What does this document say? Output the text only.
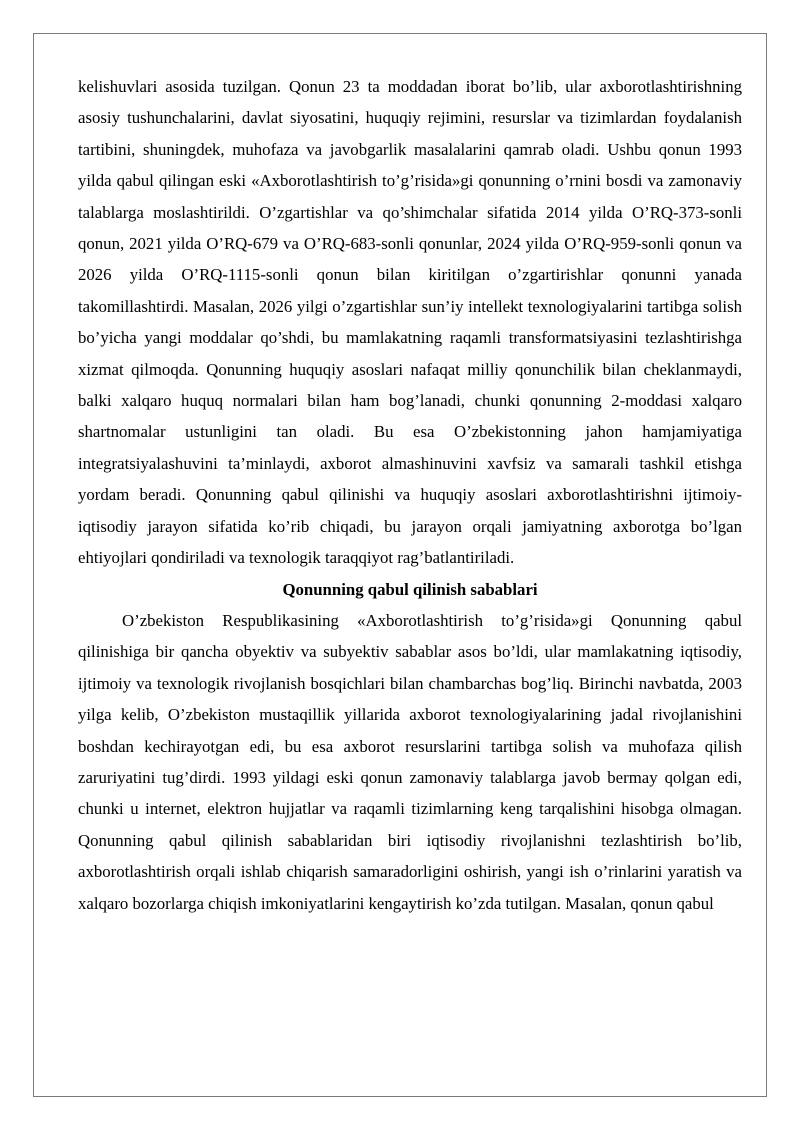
kelishuvlari asosida tuzilgan. Qonun 23 ta moddadan iborat bo’lib, ular axborotlashtirishning asosiy tushunchalarini, davlat siyosatini, huquqiy rejimini, resurslar va tizimlardan foydalanish tartibini, shuningdek, muhofaza va javobgarlik masalalarini qamrab oladi. Ushbu qonun 1993 yilda qabul qilingan eski «Axborotlashtirish to’g’risida»gi qonunning o’rnini bosdi va zamonaviy talablarga moslashtirildi. O’zgartishlar va qo’shimchalar sifatida 2014 yilda O’RQ-373-sonli qonun, 2021 yilda O’RQ-679 va O’RQ-683-sonli qonunlar, 2024 yilda O’RQ-959-sonli qonun va 2026 yilda O’RQ-1115-sonli qonun bilan kiritilgan o’zgartirishlar qonunni yanada takomillashtirdi. Masalan, 2026 yilgi o’zgartishlar sun’iy intellekt texnologiyalarini tartibga solish bo’yicha yangi moddalar qo’shdi, bu mamlakatning raqamli transformatsiyasini tezlashtirishga xizmat qilmoqda. Qonunning huquqiy asoslari nafaqat milliy qonunchilik bilan cheklanmaydi, balki xalqaro huquq normalari bilan ham bog’lanadi, chunki qonunning 2-moddasi xalqaro shartnomalar ustunligini tan oladi. Bu esa O’zbekistonning jahon hamjamiyatiga integratsiyalashuvini ta’minlaydi, axborot almashinuvini xavfsiz va samarali tashkil etishga yordam beradi. Qonunning qabul qilinishi va huquqiy asoslari axborotlashtirishni ijtimoiy-iqtisodiy jarayon sifatida ko’rib chiqadi, bu jarayon orqali jamiyatning axborotga bo’lgan ehtiyojlari qondiriladi va texnologik taraqqiyot rag’batlantiriladi.

Qonunning qabul qilinish sabablari

O’zbekiston Respublikasining «Axborotlashtirish to’g’risida»gi Qonunning qabul qilinishiga bir qancha obyektiv va subyektiv sabablar asos bo’ldi, ular mamlakatning iqtisodiy, ijtimoiy va texnologik rivojlanish bosqichlari bilan chambarchas bog’liq. Birinchi navbatda, 2003 yilga kelib, O’zbekiston mustaqillik yillarida axborot texnologiyalarining jadal rivojlanishini boshdan kechirayotgan edi, bu esa axborot resurslarini tartibga solish va muhofaza qilish zaruriyatini tug’dirdi. 1993 yildagi eski qonun zamonaviy talablarga javob bermay qolgan edi, chunki u internet, elektron hujjatlar va raqamli tizimlarning keng tarqalishini hisobga olmagan. Qonunning qabul qilinish sabablaridan biri iqtisodiy rivojlanishni tezlashtirish bo’lib, axborotlashtirish orqali ishlab chiqarish samaradorligini oshirish, yangi ish o’rinlarini yaratish va xalqaro bozorlarga chiqish imkoniyatlarini kengaytirish ko’zda tutilgan. Masalan, qonun qabul
